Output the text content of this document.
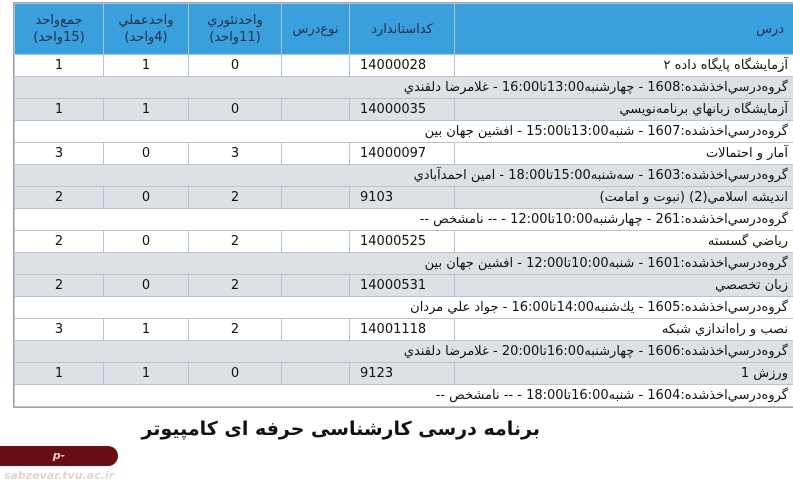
درس	کداستاندارد	نوع‌درس	واحدتئوري (11واحد)	واحدعملي (4واحد)	جمع‌واحد (15واحد)
آزمايشگاه پايگاه داده ۲	14000028		0	1	1
گروه‌درسي‌اخذشده:1608 - چهارشنبه13:00تا16:00 - غلامرضا دلقندي					
آزمايشگاه زبانهاي برنامه‌نويسي	14000035		0	1	1
گروه‌درسي‌اخذشده:1607 - شنبه13:00تا15:00 - افشين جهان بين					
آمار و احتمالات	14000097		3	0	3
گروه‌درسي‌اخذشده:1603 - سه‌شنبه15:00تا18:00 - امين احمدآبادي					
انديشه اسلامي(2) (نبوت و امامت)	9103		2	0	2
گروه‌درسي‌اخذشده:261 - چهارشنبه10:00تا12:00 - -- نامشخص --					
رياضي گسسته	14000525		2	0	2
گروه‌درسي‌اخذشده:1601 - شنبه10:00تا12:00 - افشين جهان بين					
زبان تخصصي	14000531		2	0	2
گروه‌درسي‌اخذشده:1605 - يك‌شنبه14:00تا16:00 - جواد علي مردان					
نصب و راه‌اندازي شبكه	14001118		2	1	3
گروه‌درسي‌اخذشده:1606 - چهارشنبه16:00تا20:00 - غلامرضا دلقندي					
ورزش 1	9123		0	1	1
گروه‌درسي‌اخذشده:1604 - شنبه16:00تا18:00 - -- نامشخص --					
برنامه درسی کارشناسی حرفه ای کامپیوتر
p-sabzevar.tvu.ac.ir
